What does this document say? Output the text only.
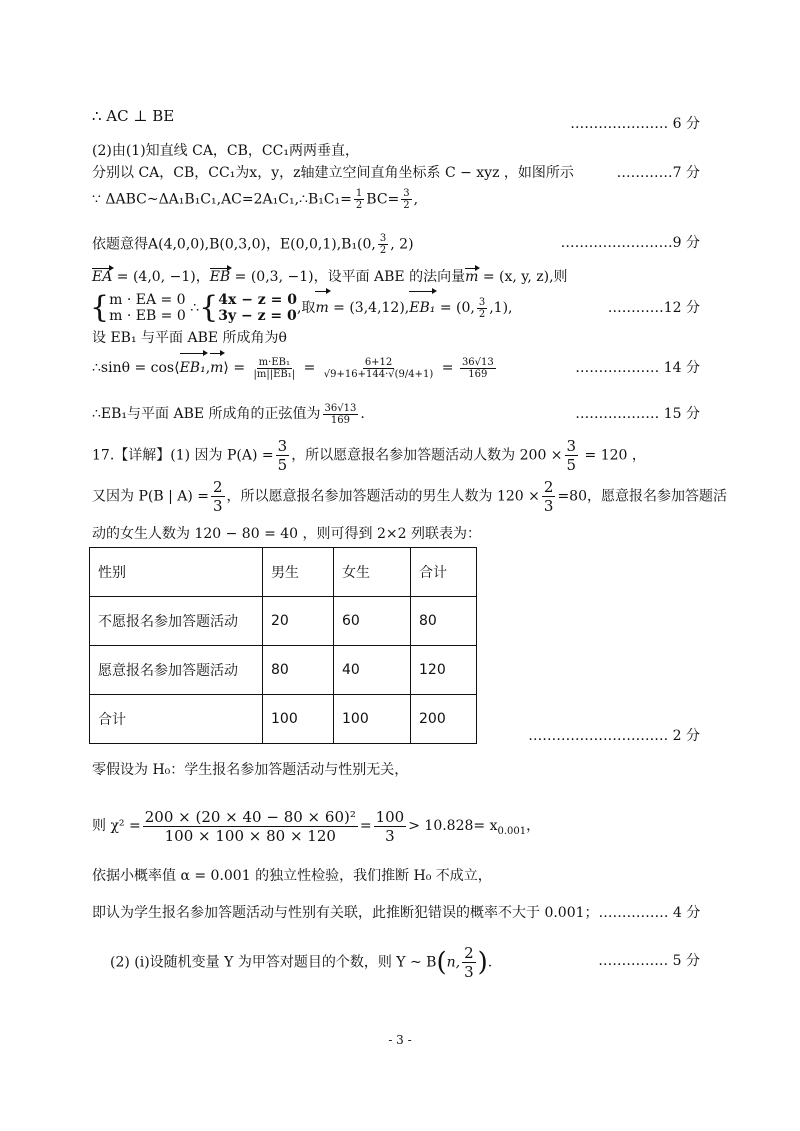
∴ AC ⊥ BE	………………… 6 分
(2)由(1)知直线 CA，CB，CC₁两两垂直，
分别以 CA，CB，CC₁为x，y，z轴建立空间直角坐标系 C − xyz ，如图所示	…………7 分
∵ ΔABC~ΔA₁B₁C₁,AC=2A₁C₁,∴B₁C₁= $\frac{1}{2} BC= \frac{3}{2}$ ,
依题意得A(4,0,0),B(0,3,0)，E(0,0,1),B₁(0, $\frac{3}{2}$ , 2)	……………………9 分
EA = (4,0, −1)，EB = (0,3, −1)，设平面 ABE 的法向量m = (x, y, z),则
{ m · EA = 0
m · EB = 0 ∴{ 4x − z = 0
3y − z = 0 ,取m = (3,4,12),EB₁ = (0, $\frac{3}{2} ,1$),	…………12 分
设 EB₁ 与平面 ABE 所成角为θ
∴sinθ = cos⟨EB₁,m⟩ = $\frac{\text{m·EB₁}}{\text{|m||EB₁|}} = \frac{6+12}{√9+16+144\cdot√(9/4+1)} = \frac{36√13}{169}$	……………… 14 分
∴EB₁与平面 ABE 所成角的正弦值为 $\frac{36√13}{169}$ .	……………… 15 分
17.【详解】(1) 因为 $P(A) = \frac{3}{5}$ ，所以愿意报名参加答题活动人数为 $200 \times \frac{3}{5} = 120$ ，
又因为 P(B | $A) = \frac{2}{3}$ ，所以愿意报名参加答题活动的男生人数为 $120 \times \frac{2}{3} =80$，愿意报名参加答题活
动的女生人数为 120 − 80 = 40 ，则可得到 2×2 列联表为：
性别	男生	女生	合计
不愿报名参加答题活动	20	60	80
愿意报名参加答题活动	80	40	120
合计	100	100	200
………………………… 2 分
零假设为 H₀：学生报名参加答题活动与性别无关，
则 $\chi^2 = \frac{\text{200 × (20 × 40 − 80 × 60)²}}{100 \times 100 \times 80 \times 120} = \frac{100}{3} > 10.828= x_{0.001}$，
依据小概率值 α = 0.001 的独立性检验，我们推断 H₀ 不成立，
即认为学生报名参加答题活动与性别有关联，此推断犯错误的概率不大于 0.001；…………… 4 分
(2) (i)设随机变量 Y 为甲答对题目的个数，则 Y ~ B(n, $\frac{2}{3}$ ).	…………… 5 分
- 3 -
